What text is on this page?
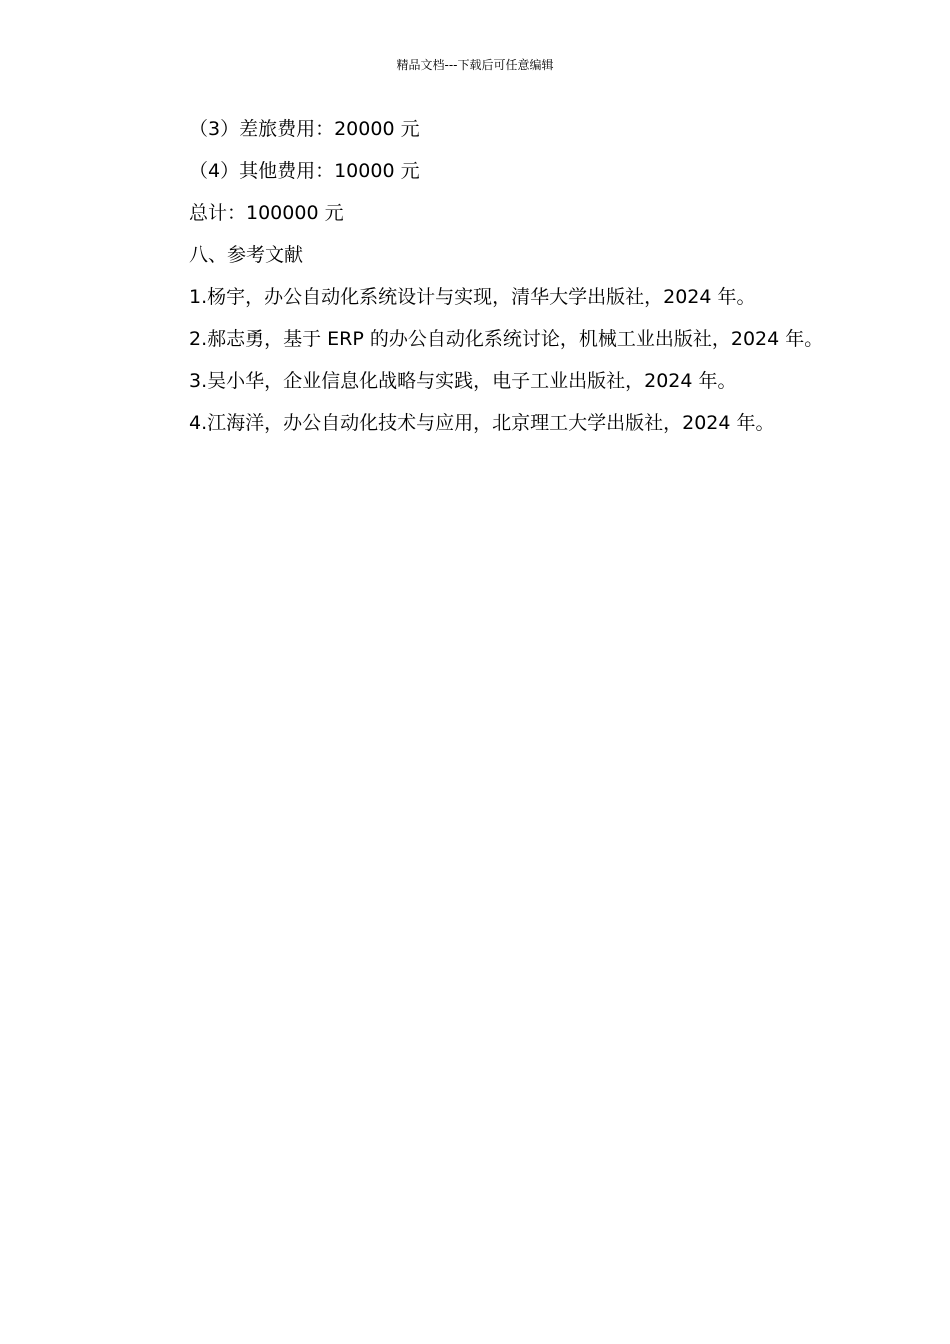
精品文档---下载后可任意编辑

（3）差旅费用：20000 元

（4）其他费用：10000 元

总计：100000 元

八、参考文献

1.杨宇，办公自动化系统设计与实现，清华大学出版社，2024 年。

2.郝志勇，基于 ERP 的办公自动化系统讨论，机械工业出版社，2024 年。

3.吴小华，企业信息化战略与实践，电子工业出版社，2024 年。

4.江海洋，办公自动化技术与应用，北京理工大学出版社，2024 年。
